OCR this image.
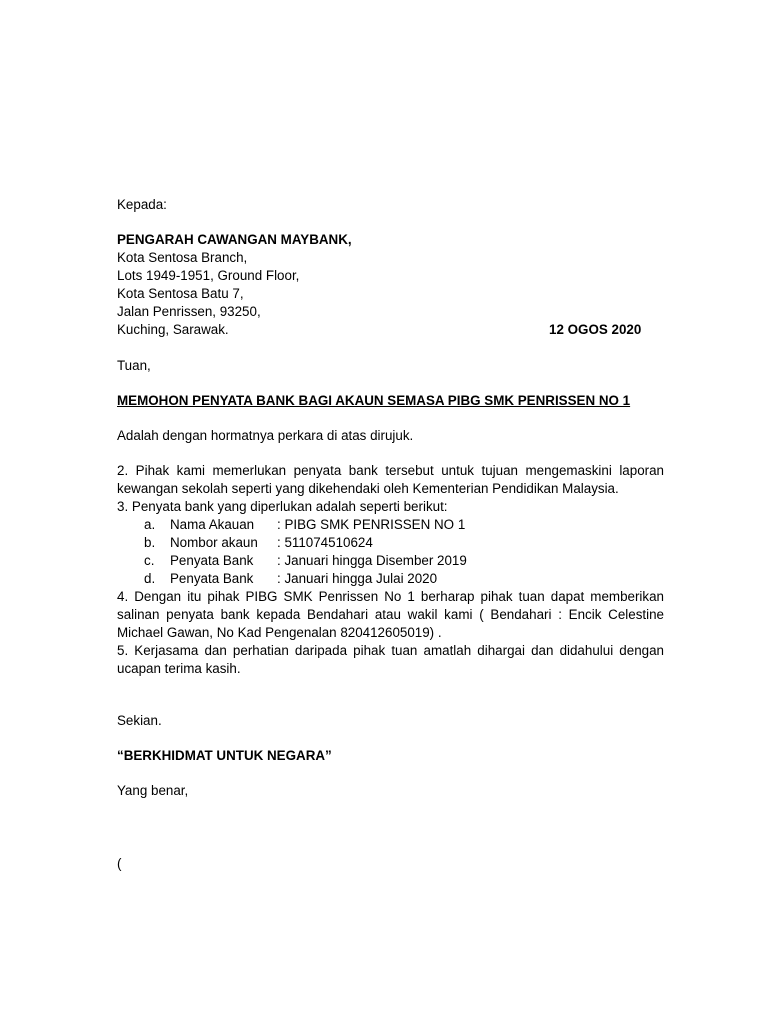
Kepada:
PENGARAH CAWANGAN MAYBANK,
Kota Sentosa Branch,
Lots 1949-1951, Ground Floor,
Kota Sentosa Batu 7,
Jalan Penrissen, 93250,
Kuching, Sarawak.	12 OGOS 2020
Tuan,
MEMOHON PENYATA BANK BAGI AKAUN SEMASA PIBG SMK PENRISSEN NO 1
Adalah dengan hormatnya perkara di atas dirujuk.
2. Pihak kami memerlukan penyata bank tersebut untuk tujuan mengemaskini laporan kewangan sekolah seperti yang dikehendaki oleh Kementerian Pendidikan Malaysia.
3. Penyata bank yang diperlukan adalah seperti berikut:
a. Nama Akauan : PIBG SMK PENRISSEN NO 1
b. Nombor akaun : 511074510624
c. Penyata Bank : Januari hingga Disember 2019
d. Penyata Bank : Januari hingga Julai 2020
4. Dengan itu pihak PIBG SMK Penrissen No 1 berharap pihak tuan dapat memberikan salinan penyata bank kepada Bendahari atau wakil kami ( Bendahari : Encik Celestine Michael Gawan, No Kad Pengenalan 820412605019) .
5. Kerjasama dan perhatian daripada pihak tuan amatlah dihargai dan didahului dengan ucapan terima kasih.
Sekian.
“BERKHIDMAT UNTUK NEGARA”
Yang benar,
(
